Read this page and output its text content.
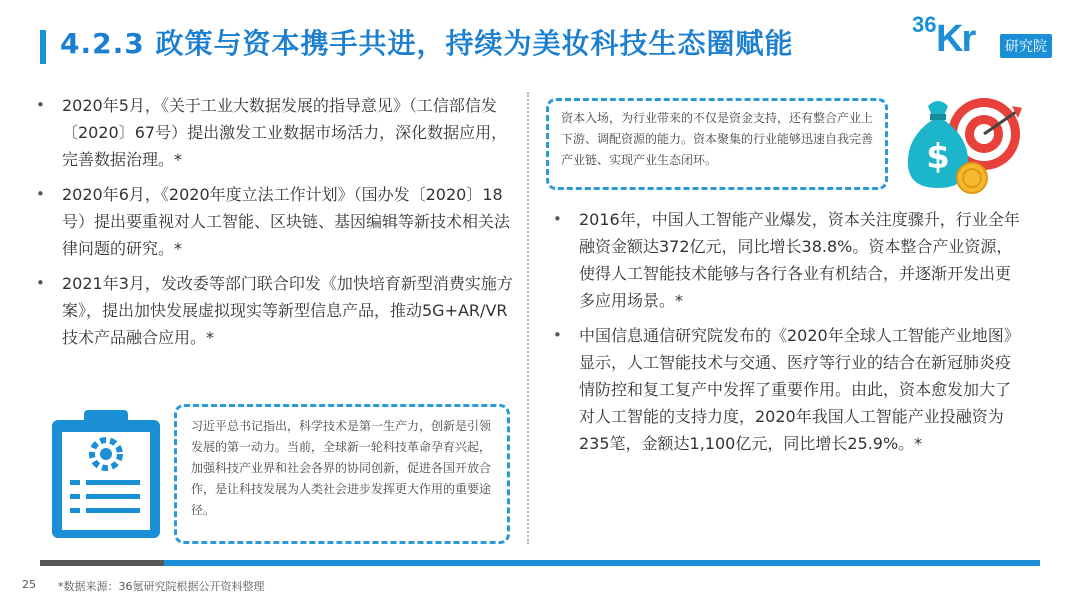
4.2.3 政策与资本携手共进，持续为美妆科技生态圈赋能
36 Kr	研究院
• 2020年5月，《关于工业大数据发展的指导意见》（工信部信发〔2020〕67号）提出激发工业数据市场活力，深化数据应用，完善数据治理。*
• 2020年6月，《2020年度立法工作计划》（国办发〔2020〕18号）提出要重视对人工智能、区块链、基因编辑等新技术相关法律问题的研究。*
• 2021年3月，发改委等部门联合印发《加快培育新型消费实施方案》，提出加快发展虚拟现实等新型信息产品，推动5G+AR/VR技术产品融合应用。*
资本入场，为行业带来的不仅是资金支持，还有整合产业上下游、调配资源的能力。资本聚集的行业能够迅速自我完善产业链、实现产业生态闭环。	$
• 2016年，中国人工智能产业爆发，资本关注度骤升，行业全年融资金额达372亿元，同比增长38.8%。资本整合产业资源，使得人工智能技术能够与各行各业有机结合，并逐渐开发出更多应用场景。*
• 中国信息通信研究院发布的《2020年全球人工智能产业地图》显示，人工智能技术与交通、医疗等行业的结合在新冠肺炎疫情防控和复工复产中发挥了重要作用。由此，资本愈发加大了对人工智能的支持力度，2020年我国人工智能产业投融资为235笔，金额达1,100亿元，同比增长25.9%。*
习近平总书记指出，科学技术是第一生产力，创新是引领发展的第一动力。当前，全球新一轮科技革命孕育兴起，加强科技产业界和社会各界的协同创新，促进各国开放合作，是让科技发展为人类社会进步发挥更大作用的重要途径。
25 *数据来源：36氪研究院根据公开资料整理
